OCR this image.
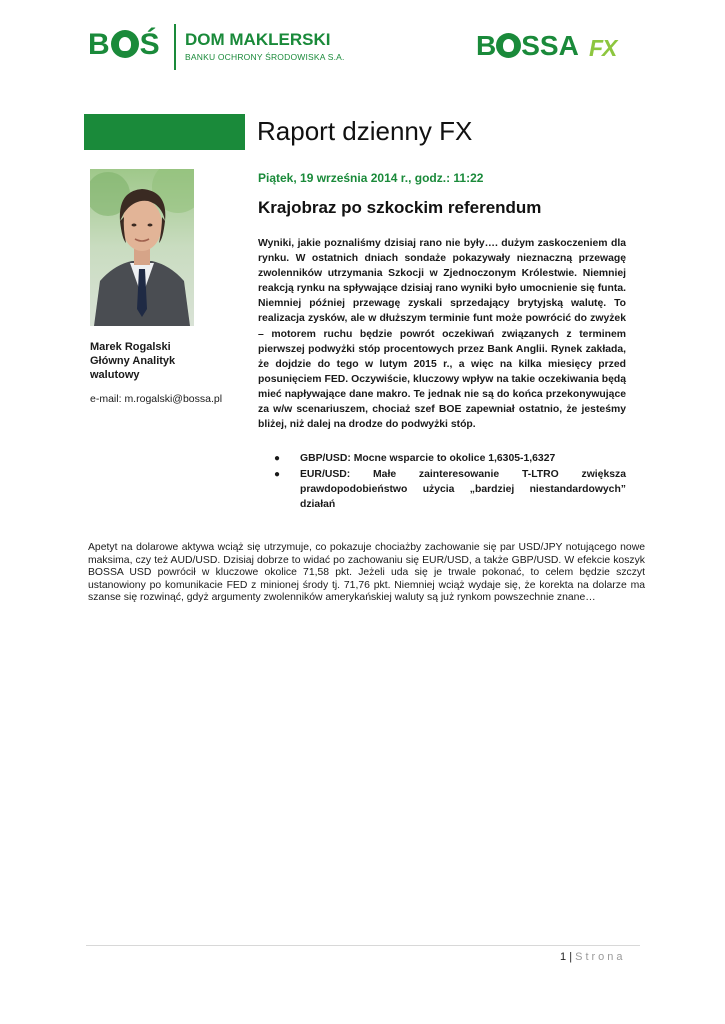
B Ś DOM MAKLERSKI
BANKU OCHRONY ŚRODOWISKA S.A.	B SSA FX
Raport dzienny FX
Marek Rogalski
Główny Analityk
walutowy
e-mail: m.rogalski@bossa.pl
Piątek, 19 września 2014 r., godz.: 11:22
Krajobraz po szkockim referendum
Wyniki, jakie poznaliśmy dzisiaj rano nie były…. dużym zaskoczeniem dla rynku. W ostatnich dniach sondaże pokazywały nieznaczną przewagę zwolenników utrzymania Szkocji w Zjednoczonym Królestwie. Niemniej reakcją rynku na spływające dzisiaj rano wyniki było umocnienie się funta. Niemniej później przewagę zyskali sprzedający brytyjską walutę. To realizacja zysków, ale w dłuższym terminie funt może powrócić do zwyżek – motorem ruchu będzie powrót oczekiwań związanych z terminem pierwszej podwyżki stóp procentowych przez Bank Anglii. Rynek zakłada, że dojdzie do tego w lutym 2015 r., a więc na kilka miesięcy przed posunięciem FED. Oczywiście, kluczowy wpływ na takie oczekiwania będą mieć napływające dane makro. Te jednak nie są do końca przekonywujące za w/w scenariuszem, chociaż szef BOE zapewniał ostatnio, że jesteśmy bliżej, niż dalej na drodze do podwyżki stóp.
● GBP/USD: Mocne wsparcie to okolice 1,6305-1,6327
● EUR/USD: Małe zainteresowanie T-LTRO zwiększa prawdopodobieństwo użycia „bardziej niestandardowych” działań
Apetyt na dolarowe aktywa wciąż się utrzymuje, co pokazuje chociażby zachowanie się par USD/JPY notującego nowe maksima, czy też AUD/USD. Dzisiaj dobrze to widać po zachowaniu się EUR/USD, a także GBP/USD. W efekcie koszyk BOSSA USD powrócił w kluczowe okolice 71,58 pkt. Jeżeli uda się je trwale pokonać, to celem będzie szczyt ustanowiony po komunikacie FED z minionej środy tj. 71,76 pkt. Niemniej wciąż wydaje się, że korekta na dolarze ma szanse się rozwinąć, gdyż argumenty zwolenników amerykańskiej waluty są już rynkom powszechnie znane…
1 | Strona
